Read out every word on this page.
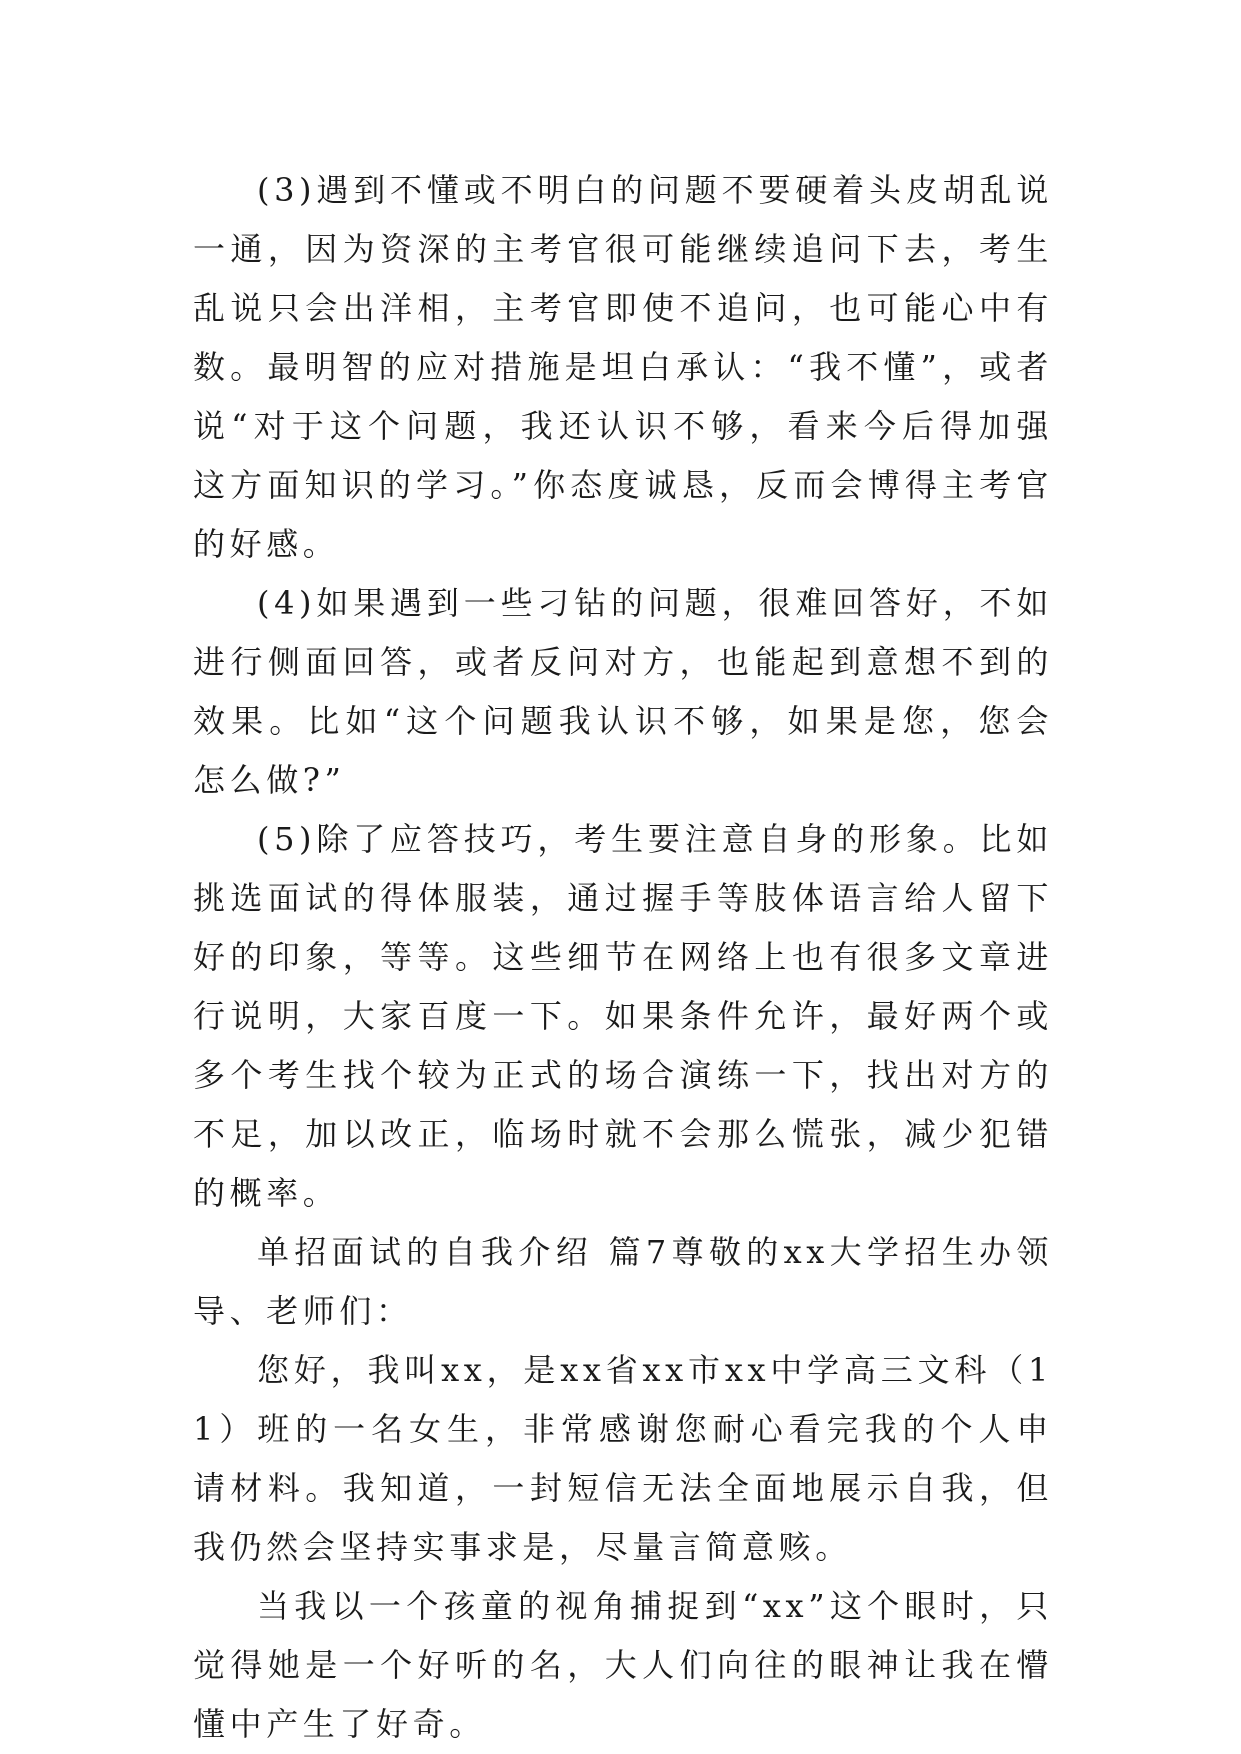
(3)遇到不懂或不明白的问题不要硬着头皮胡乱说一通，因为资深的主考官很可能继续追问下去，考生乱说只会出洋相，主考官即使不追问，也可能心中有数。最明智的应对措施是坦白承认：“我不懂”，或者说“对于这个问题，我还认识不够，看来今后得加强这方面知识的学习。”你态度诚恳，反而会博得主考官的好感。

(4)如果遇到一些刁钻的问题，很难回答好，不如进行侧面回答，或者反问对方，也能起到意想不到的效果。比如“这个问题我认识不够，如果是您，您会怎么做?”

(5)除了应答技巧，考生要注意自身的形象。比如挑选面试的得体服装，通过握手等肢体语言给人留下好的印象，等等。这些细节在网络上也有很多文章进行说明，大家百度一下。如果条件允许，最好两个或多个考生找个较为正式的场合演练一下，找出对方的不足，加以改正，临场时就不会那么慌张，减少犯错的概率。

单招面试的自我介绍 篇7尊敬的xx大学招生办领导、老师们：

您好，我叫xx，是xx省xx市xx中学高三文科（11）班的一名女生，非常感谢您耐心看完我的个人申请材料。我知道，一封短信无法全面地展示自我，但我仍然会坚持实事求是，尽量言简意赅。

当我以一个孩童的视角捕捉到“xx”这个眼时，只觉得她是一个好听的名，大人们向往的眼神让我在懵懂中产生了好奇。
